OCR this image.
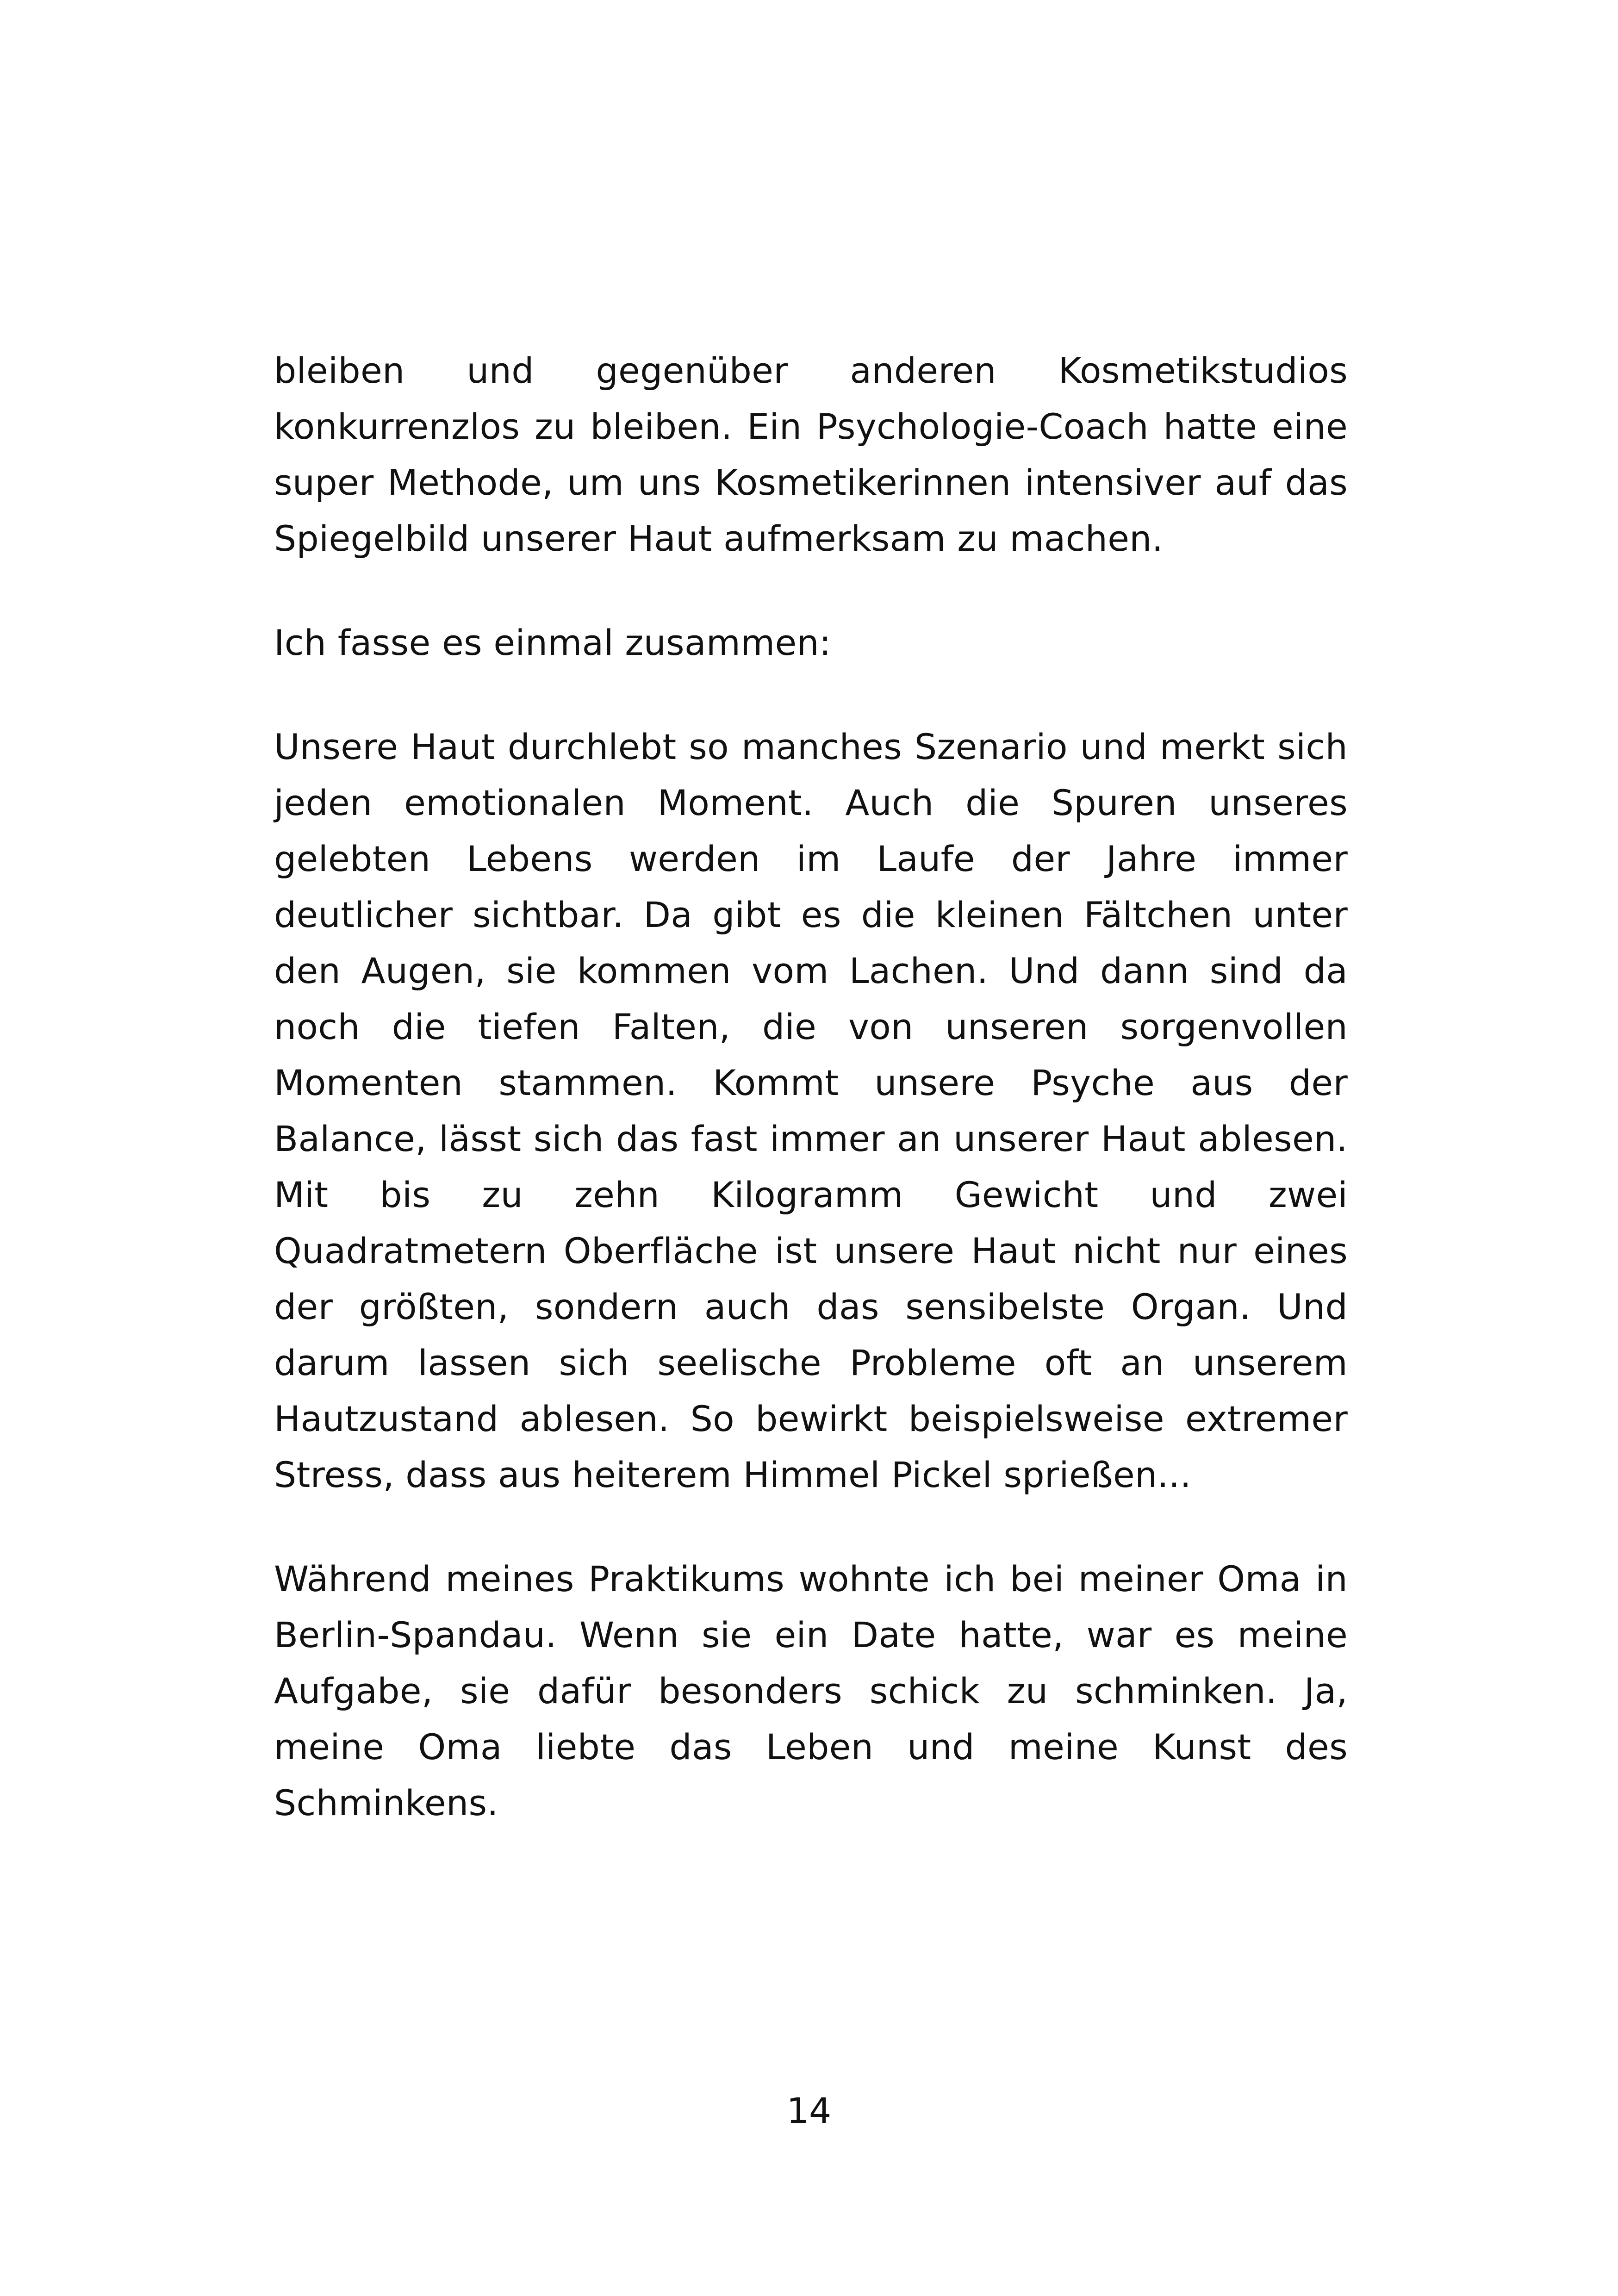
bleiben und gegenüber anderen Kosmetikstudios konkurrenzlos zu bleiben. Ein Psychologie-Coach hatte eine super Methode, um uns Kosmetikerinnen intensiver auf das Spiegelbild unserer Haut aufmerksam zu machen.

Ich fasse es einmal zusammen:

Unsere Haut durchlebt so manches Szenario und merkt sich jeden emotionalen Moment. Auch die Spuren unseres gelebten Lebens werden im Laufe der Jahre immer deutlicher sichtbar. Da gibt es die kleinen Fältchen unter den Augen, sie kommen vom Lachen. Und dann sind da noch die tiefen Falten, die von unseren sorgenvollen Momenten stammen. Kommt unsere Psyche aus der Balance, lässt sich das fast immer an unserer Haut ablesen. Mit bis zu zehn Kilogramm Gewicht und zwei Quadratmetern Oberfläche ist unsere Haut nicht nur eines der größten, sondern auch das sensibelste Organ. Und darum lassen sich seelische Probleme oft an unserem Hautzustand ablesen. So bewirkt beispielsweise extremer Stress, dass aus heiterem Himmel Pickel sprießen...

Während meines Praktikums wohnte ich bei meiner Oma in Berlin-Spandau. Wenn sie ein Date hatte, war es meine Aufgabe, sie dafür besonders schick zu schminken. Ja, meine Oma liebte das Leben und meine Kunst des Schminkens.

14
